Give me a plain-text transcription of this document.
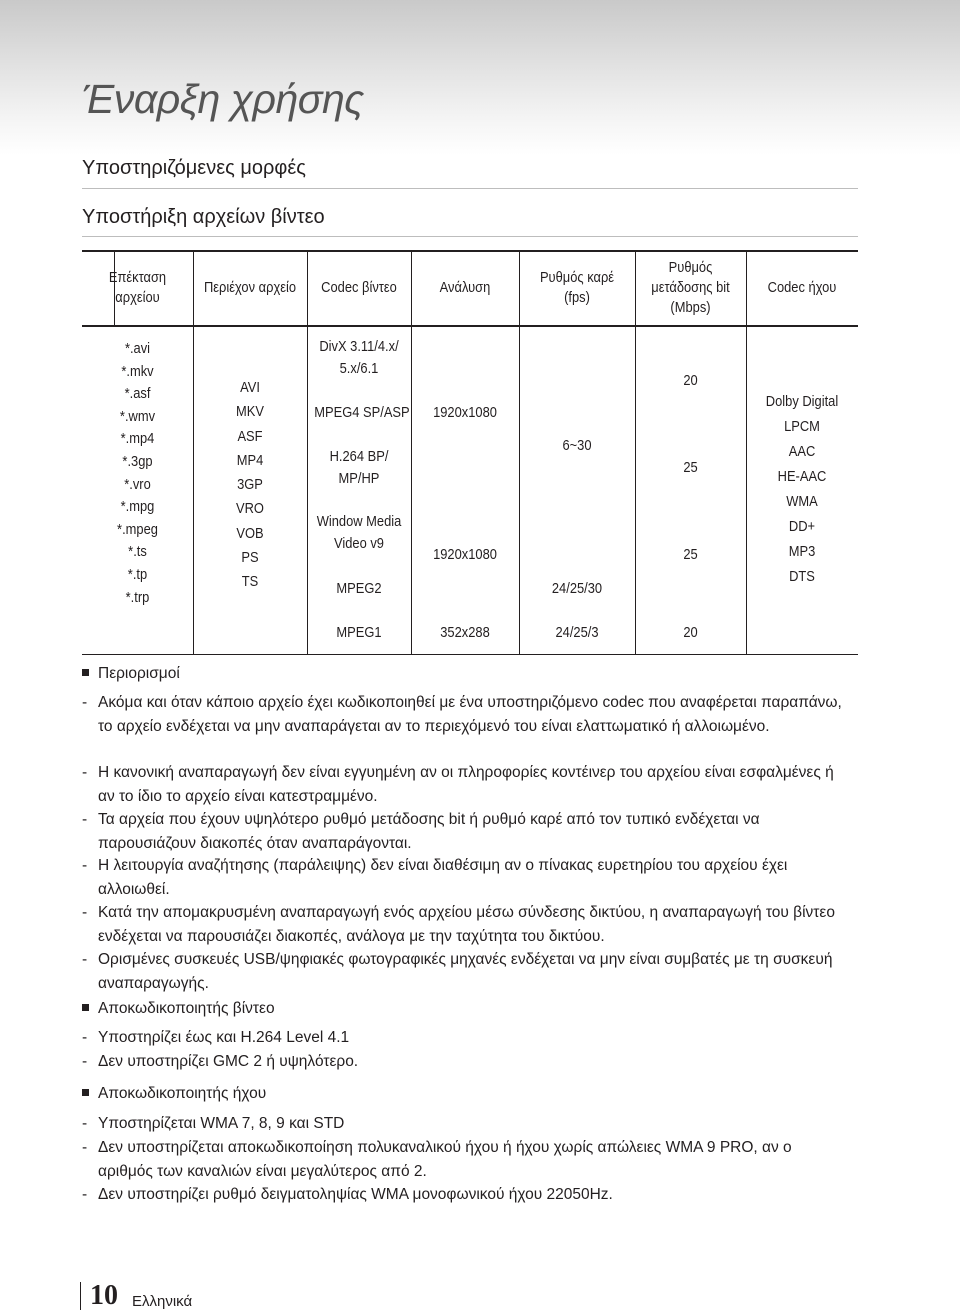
Έναρξη χρήσης
Υποστηριζόμενες μορφές
Υποστήριξη αρχείων βίντεο
Επέκταση
αρχείου
Περιέχον αρχείο	Codec βίντεο	Ανάλυση
Ρυθμός καρέ
(fps)
Ρυθμός
μετάδοσης bit
(Mbps)
Codec ήχου
*.avi
*.mkv
*.asf
*.wmv
*.mp4
*.3gp
*.vro
*.mpg
*.mpeg
*.ts
*.tp
*.trp
AVI
MKV
ASF
MP4
3GP
VRO
VOB
PS
TS
DivX 3.11/4.x/
5.x/6.1
MPEG4 SP/ASP
H.264 BP/
MP/HP
Window Media
Video v9
MPEG2
MPEG1
1920x1080
1920x1080
352x288
6~30
24/25/30
24/25/3
20
25
25
20
Dolby Digital
LPCM
AAC
HE-AAC
WMA
DD+
MP3
DTS
Περιορισμοί
- Ακόμα και όταν κάποιο αρχείο έχει κωδικοποιηθεί με ένα υποστηριζόμενο codec που αναφέρεται παραπάνω, το αρχείο ενδέχεται να μην αναπαράγεται αν το περιεχόμενό του είναι ελαττωματικό ή αλλοιωμένο.
- Η κανονική αναπαραγωγή δεν είναι εγγυημένη αν οι πληροφορίες κοντέινερ του αρχείου είναι εσφαλμένες ή αν το ίδιο το αρχείο είναι κατεστραμμένο.
- Τα αρχεία που έχουν υψηλότερο ρυθμό μετάδοσης bit ή ρυθμό καρέ από τον τυπικό ενδέχεται να παρουσιάζουν διακοπές όταν αναπαράγονται.
- Η λειτουργία αναζήτησης (παράλειψης) δεν είναι διαθέσιμη αν ο πίνακας ευρετηρίου του αρχείου έχει αλλοιωθεί.
- Κατά την απομακρυσμένη αναπαραγωγή ενός αρχείου μέσω σύνδεσης δικτύου, η αναπαραγωγή του βίντεο ενδέχεται να παρουσιάζει διακοπές, ανάλογα με την ταχύτητα του δικτύου.
- Ορισμένες συσκευές USB/ψηφιακές φωτογραφικές μηχανές ενδέχεται να μην είναι συμβατές με τη συσκευή αναπαραγωγής.
Αποκωδικοποιητής βίντεο
- Υποστηρίζει έως και H.264 Level 4.1
- Δεν υποστηρίζει GMC 2 ή υψηλότερο.
Αποκωδικοποιητής ήχου
- Υποστηρίζεται WMA 7, 8, 9 και STD
- Δεν υποστηρίζεται αποκωδικοποίηση πολυκαναλικού ήχου ή ήχου χωρίς απώλειες WMA 9 PRO, αν ο αριθμός των καναλιών είναι μεγαλύτερος από 2.
- Δεν υποστηρίζει ρυθμό δειγματοληψίας WMA μονοφωνικού ήχου 22050Hz.
10 Ελληνικά
